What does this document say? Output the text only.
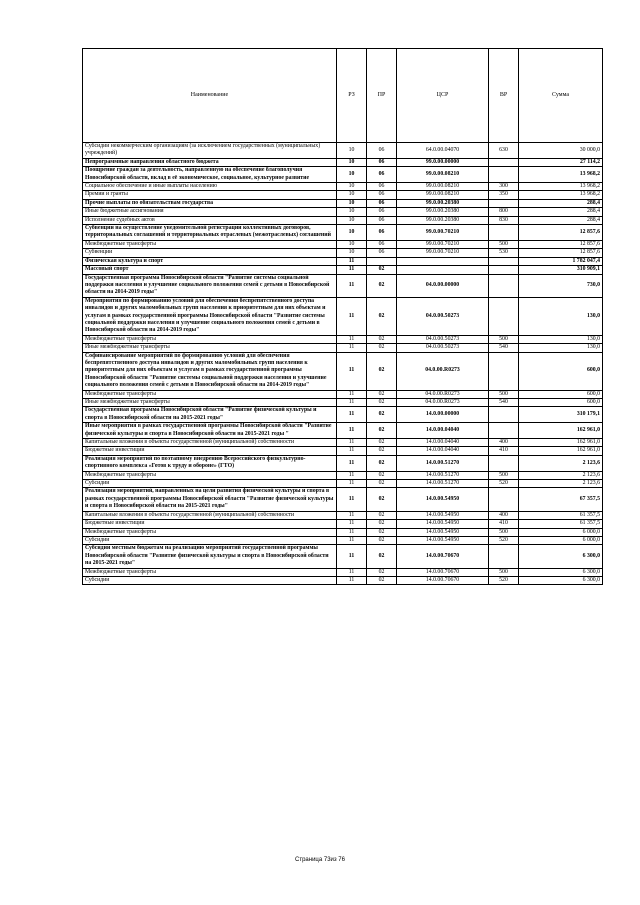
Наименование	РЗ	ПР	ЦСР	ВР	Сумма
Субсидии некоммерческим организациям (за исключением государственных (муниципальных) учреждений)	10	06	64.0.00.04070	630	30 000,0
Непрограммные направления областного бюджета	10	06	99.0.00.00000		27 114,2
Поощрение граждан за деятельность, направленную на обеспечение благополучия Новосибирской области, вклад в её экономическое, социальное, культурное развитие	10	06	99.0.00.08210		13 968,2
Социальное обеспечение и иные выплаты населению	10	06	99.0.00.08210	300	13 968,2
Премии и гранты	10	06	99.0.00.08210	350	13 968,2
Прочие выплаты по обязательствам государства	10	06	99.0.00.20380		288,4
Иные бюджетные ассигнования	10	06	99.0.00.20380	800	288,4
Исполнение судебных актов	10	06	99.0.00.20380	830	288,4
Субвенции на осуществление уведомительной регистрации коллективных договоров, территориальных соглашений и территориальных отраслевых (межотраслевых) соглашений	10	06	99.0.00.70210		12 857,6
Межбюджетные трансферты	10	06	99.0.00.70210	500	12 857,6
Субвенции	10	06	99.0.00.70210	530	12 857,6
Физическая культура и спорт	11				1 782 047,4
Массовый спорт	11	02			310 909,1
Государственная программа Новосибирской области "Развитие системы социальной поддержки населения и улучшение социального положения семей с детьми в Новосибирской области на 2014-2019 годы"	11	02	04.0.00.00000		730,0
Мероприятия по формированию условий для обеспечения беспрепятственного доступа инвалидов и других маломобильных групп населения к приоритетным для них объектам и услугам в рамках государственной программы Новосибирской области "Развитие системы социальной поддержки населения и улучшение социального положения семей с детьми в Новосибирской области на 2014-2019 годы"	11	02	04.0.00.50273		130,0
Межбюджетные трансферты	11	02	04.0.00.50273	500	130,0
Иные межбюджетные трансферты	11	02	04.0.00.50273	540	130,0
Софинансирование мероприятий по формированию условий для обеспечения беспрепятственного доступа инвалидов и других маломобильных групп населения к приоритетным для них объектам и услугам в рамках государственной программы Новосибирской области "Развитие системы социальной поддержки населения и улучшение социального положения семей с детьми в Новосибирской области на 2014-2019 годы"	11	02	04.0.00.R0273		600,0
Межбюджетные трансферты	11	02	04.0.00.R0273	500	600,0
Иные межбюджетные трансферты	11	02	04.0.00.R0273	540	600,0
Государственная программа Новосибирской области "Развитие физической культуры и спорта в Новосибирской области на 2015-2021 годы"	11	02	14.0.00.00000		310 179,1
Иные мероприятия в рамках государственной программы Новосибирской области "Развитие физической культуры и спорта в Новосибирской области на 2015-2021 годы "	11	02	14.0.00.04040		162 961,0
Капитальные вложения в объекты государственной (муниципальной) собственности	11	02	14.0.00.04040	400	162 961,0
Бюджетные инвестиции	11	02	14.0.00.04040	410	162 961,0
Реализация мероприятий по поэтапному внедрению Всероссийского физкультурно-спортивного комплекса «Готов к труду и обороне» (ГТО)	11	02	14.0.00.51270		2 123,6
Межбюджетные трансферты	11	02	14.0.00.51270	500	2 123,6
Субсидии	11	02	14.0.00.51270	520	2 123,6
Реализация мероприятий, направленных на цели развития физической культуры и спорта в рамках государственной программы Новосибирской области "Развитие физической культуры и спорта в Новосибирской области на 2015-2021 годы"	11	02	14.0.00.54950		67 357,5
Капитальные вложения в объекты государственной (муниципальной) собственности	11	02	14.0.00.54950	400	61 357,5
Бюджетные инвестиции	11	02	14.0.00.54950	410	61 357,5
Межбюджетные трансферты	11	02	14.0.00.54950	500	6 000,0
Субсидии	11	02	14.0.00.54950	520	6 000,0
Субсидии местным бюджетам на реализацию мероприятий государственной программы Новосибирской области "Развитие физической культуры и спорта в Новосибирской области на 2015-2021 годы"	11	02	14.0.00.70670		6 300,0
Межбюджетные трансферты	11	02	14.0.00.70670	500	6 300,0
Субсидии	11	02	14.0.00.70670	520	6 300,0
Страница 73из 76
